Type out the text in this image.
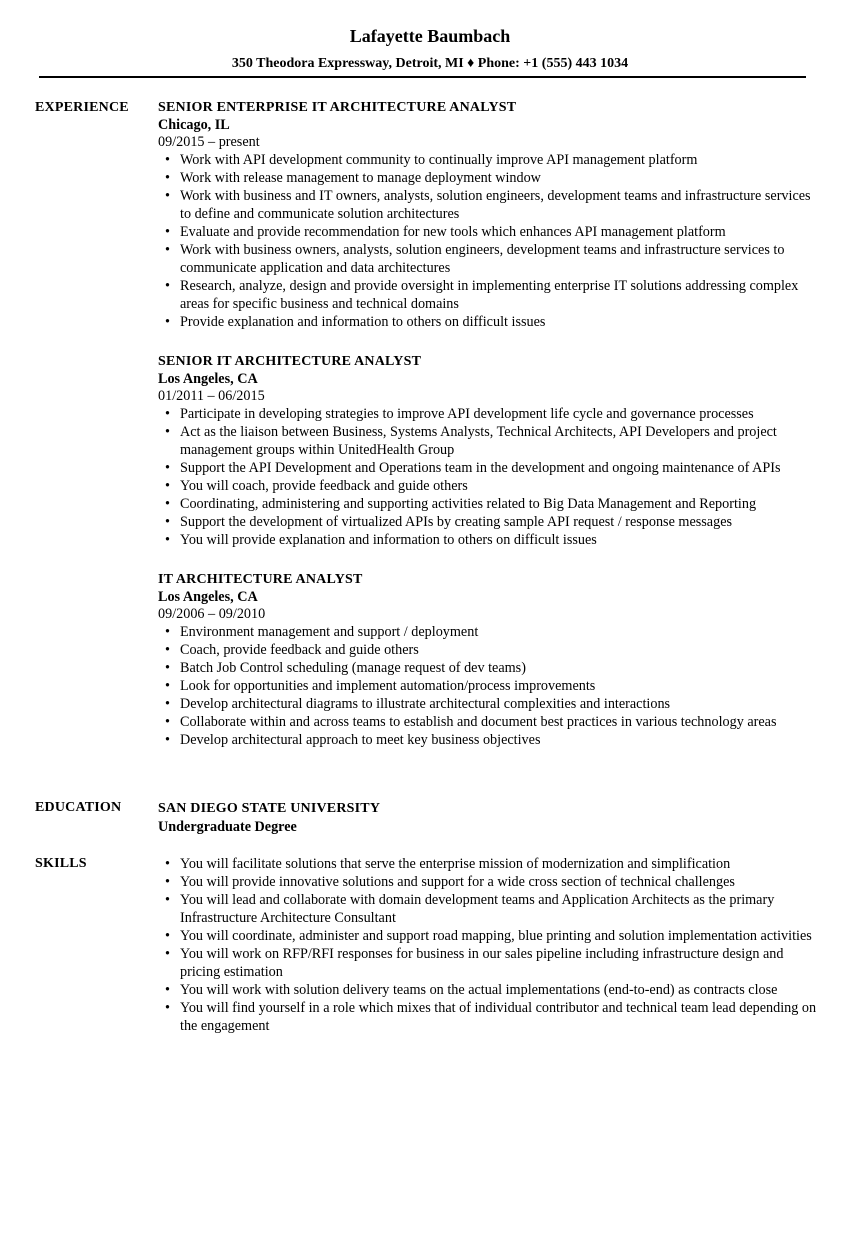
Lafayette Baumbach
350 Theodora Expressway, Detroit, MI ♦ Phone: +1 (555) 443 1034
EXPERIENCE SENIOR ENTERPRISE IT ARCHITECTURE ANALYST
Chicago, IL
09/2015 – present
• Work with API development community to continually improve API management platform
• Work with release management to manage deployment window
• Work with business and IT owners, analysts, solution engineers, development teams and infrastructure services to define and communicate solution architectures
• Evaluate and provide recommendation for new tools which enhances API management platform
• Work with business owners, analysts, solution engineers, development teams and infrastructure services to communicate application and data architectures
• Research, analyze, design and provide oversight in implementing enterprise IT solutions addressing complex areas for specific business and technical domains
• Provide explanation and information to others on difficult issues
SENIOR IT ARCHITECTURE ANALYST
Los Angeles, CA
01/2011 – 06/2015
• Participate in developing strategies to improve API development life cycle and governance processes
• Act as the liaison between Business, Systems Analysts, Technical Architects, API Developers and project management groups within UnitedHealth Group
• Support the API Development and Operations team in the development and ongoing maintenance of APIs
• You will coach, provide feedback and guide others
• Coordinating, administering and supporting activities related to Big Data Management and Reporting
• Support the development of virtualized APIs by creating sample API request / response messages
• You will provide explanation and information to others on difficult issues
IT ARCHITECTURE ANALYST
Los Angeles, CA
09/2006 – 09/2010
• Environment management and support / deployment
• Coach, provide feedback and guide others
• Batch Job Control scheduling (manage request of dev teams)
• Look for opportunities and implement automation/process improvements
• Develop architectural diagrams to illustrate architectural complexities and interactions
• Collaborate within and across teams to establish and document best practices in various technology areas
• Develop architectural approach to meet key business objectives
EDUCATION	SAN DIEGO STATE UNIVERSITY
Undergraduate Degree
SKILLS
•	You will facilitate solutions that serve the enterprise mission of modernization and simplification
• You will provide innovative solutions and support for a wide cross section of technical challenges
• You will lead and collaborate with domain development teams and Application Architects as the primary Infrastructure Architecture Consultant
• You will coordinate, administer and support road mapping, blue printing and solution implementation activities
• You will work on RFP/RFI responses for business in our sales pipeline including infrastructure design and pricing estimation
• You will work with solution delivery teams on the actual implementations (end-to-end) as contracts close
• You will find yourself in a role which mixes that of individual contributor and technical team lead depending on the engagement
